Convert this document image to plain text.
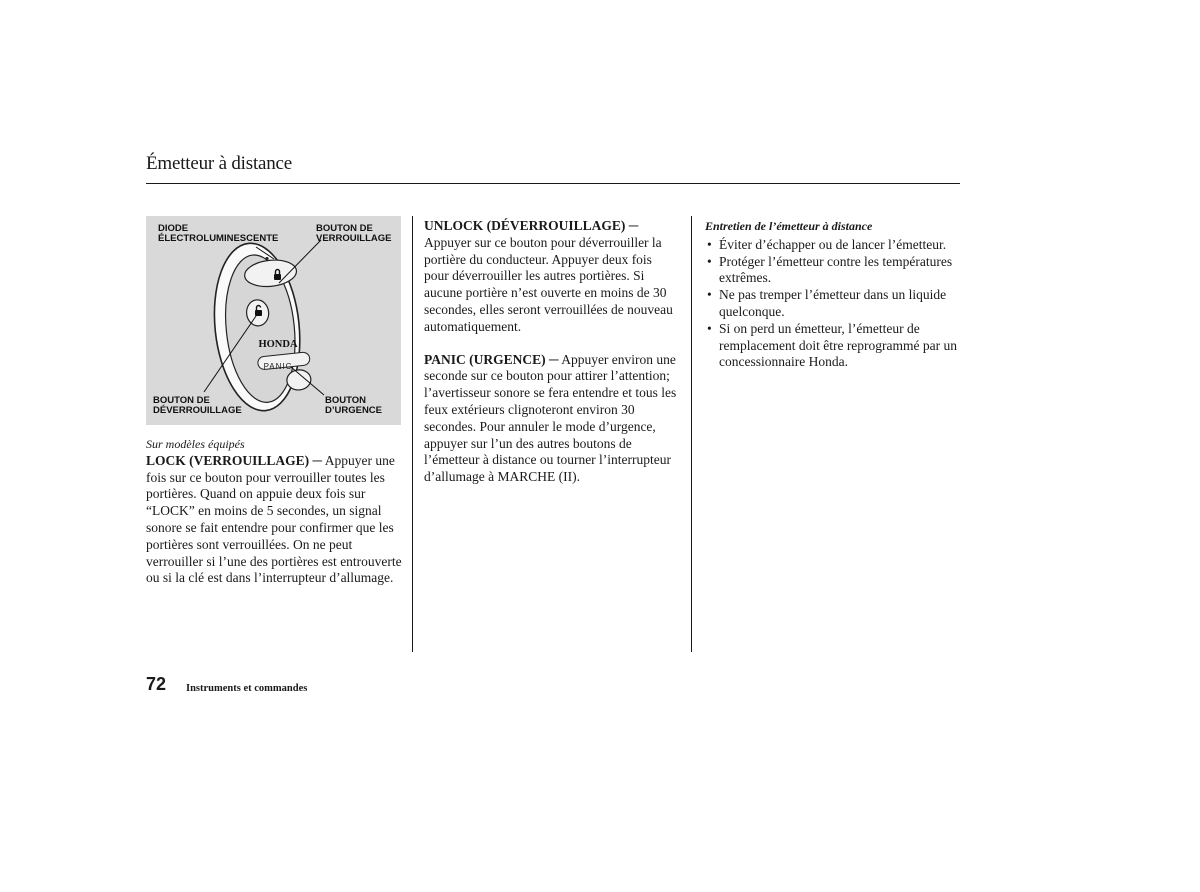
Émetteur à distance
HONDA
PANIC
DIODE
ÉLECTROLUMINESCENTE
BOUTON DE
VERROUILLAGE
BOUTON DE
DÉVERROUILLAGE
BOUTON
D’URGENCE

Sur modèles équipés

LOCK (VERROUILLAGE) ─ Appuyer une fois sur ce bouton pour verrouiller toutes les portières. Quand on appuie deux fois sur “LOCK” en moins de 5 secondes, un signal sonore se fait entendre pour confirmer que les portières sont verrouillées. On ne peut verrouiller si l’une des portières est entrouverte ou si la clé est dans l’interrupteur d’allumage.

UNLOCK (DÉVERROUILLAGE) ─ Appuyer sur ce bouton pour déverrouiller la portière du conducteur. Appuyer deux fois pour déverrouiller les autres portières. Si aucune portière n’est ouverte en moins de 30 secondes, elles seront verrouillées de nouveau automatiquement.

PANIC (URGENCE) ─ Appuyer environ une seconde sur ce bouton pour attirer l’attention; l’avertisseur sonore se fera entendre et tous les feux extérieurs clignoteront environ 30 secondes. Pour annuler le mode d’urgence, appuyer sur l’un des autres boutons de l’émetteur à distance ou tourner l’interrupteur d’allumage à MARCHE (II).

Entretien de l’émetteur à distance

• Éviter d’échapper ou de lancer l’émetteur.
• Protéger l’émetteur contre les températures extrêmes.
• Ne pas tremper l’émetteur dans un liquide quelconque.
• Si on perd un émetteur, l’émetteur de remplacement doit être reprogrammé par un concessionnaire Honda.
72 Instruments et commandes
